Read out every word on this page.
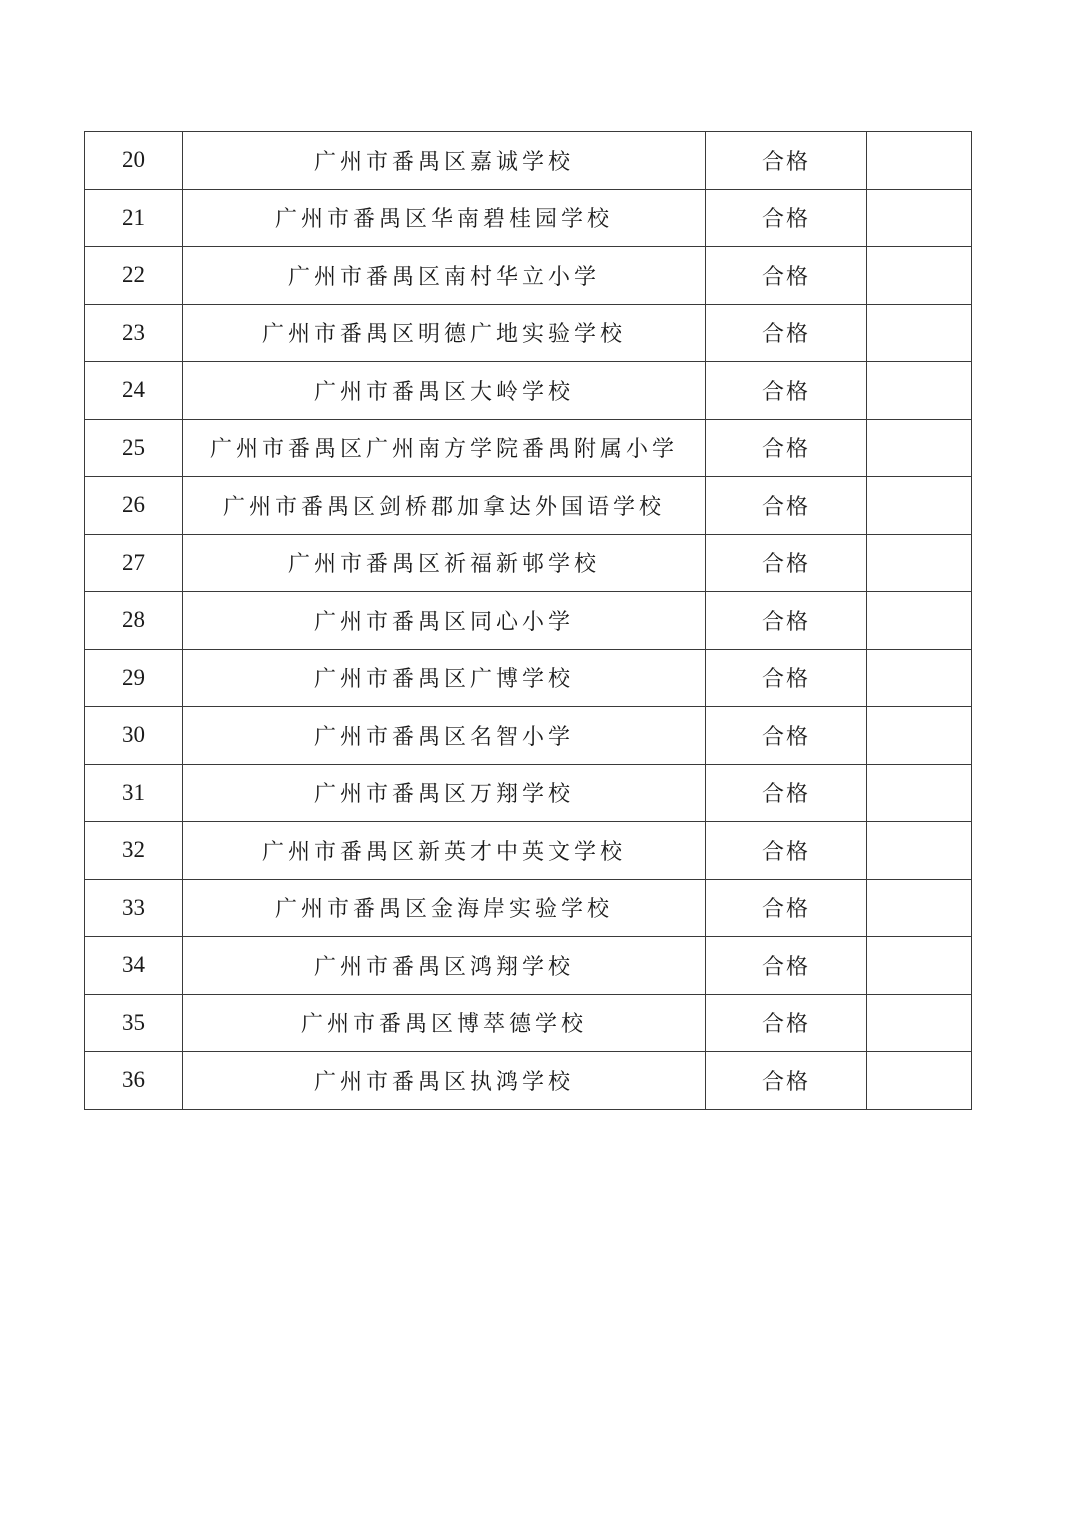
20	广州市番禺区嘉诚学校	合格	
21	广州市番禺区华南碧桂园学校	合格	
22	广州市番禺区南村华立小学	合格	
23	广州市番禺区明德广地实验学校	合格	
24	广州市番禺区大岭学校	合格	
25	广州市番禺区广州南方学院番禺附属小学	合格	
26	广州市番禺区剑桥郡加拿达外国语学校	合格	
27	广州市番禺区祈福新邨学校	合格	
28	广州市番禺区同心小学	合格	
29	广州市番禺区广博学校	合格	
30	广州市番禺区名智小学	合格	
31	广州市番禺区万翔学校	合格	
32	广州市番禺区新英才中英文学校	合格	
33	广州市番禺区金海岸实验学校	合格	
34	广州市番禺区鸿翔学校	合格	
35	广州市番禺区博萃德学校	合格	
36	广州市番禺区执鸿学校	合格	
